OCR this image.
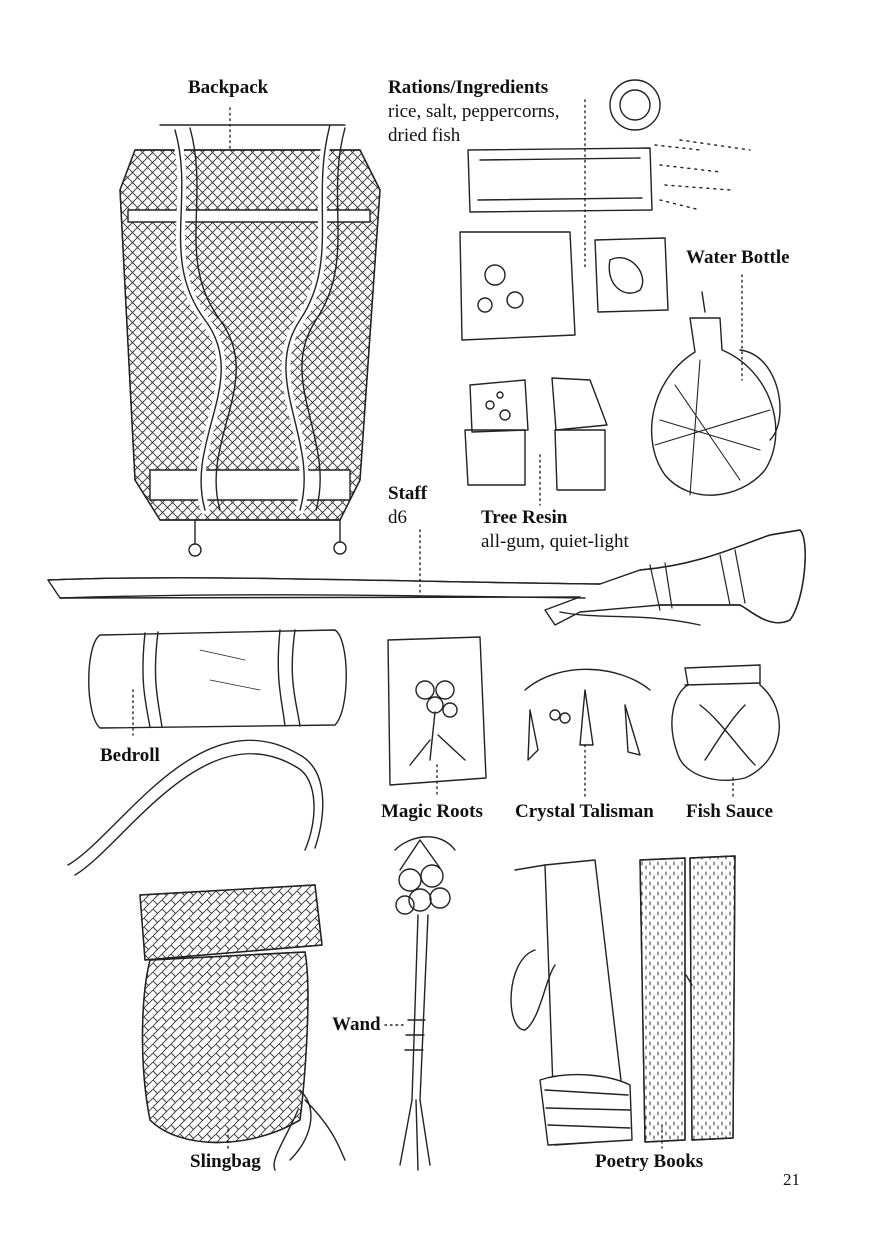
Backpack	Rations/Ingredients
rice, salt, peppercorns,
dried fish
Water Bottle
Staff
d6	Tree Resin
all-gum, quiet-light
Bedroll
Magic Roots Crystal Talisman Fish Sauce
Wand
Slingbag	Poetry Books
21
